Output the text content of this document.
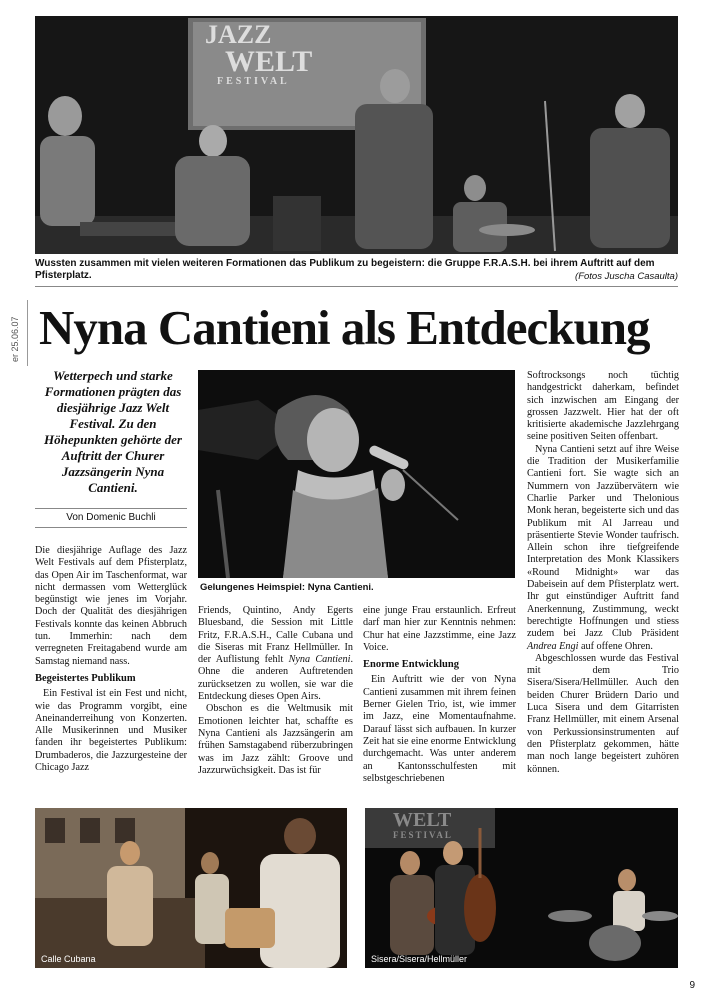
JAZZ
WELT
FESTIVAL
Wussten zusammen mit vielen weiteren Formationen das Publikum zu begeistern: die Gruppe F.R.A.S.H. bei ihrem Auftritt auf dem Pfisterplatz.	(Fotos Juscha Casaulta)
er 25.06.07 Nyna Cantieni als Entdeckung
Wetterpech und starke Formationen prägten das diesjährige Jazz Welt Festival. Zu den Höhepunkten gehörte der Auftritt der Churer Jazzsängerin Nyna Cantieni.
Von Domenic Buchli
Gelungenes Heimspiel: Nyna Cantieni.

Die diesjährige Auflage des Jazz Welt Festivals auf dem Pfisterplatz, das Open Air im Taschenformat, war nicht dermassen vom Wetterglück begünstigt wie jenes im Vorjahr. Doch der Qualität des diesjährigen Festivals konnte das keinen Abbruch tun. Immerhin: nach dem verregneten Freitagabend wurde am Samstag niemand nass.

Begeistertes Publikum

Ein Festival ist ein Fest und nicht, wie das Programm vorgibt, eine Aneinanderreihung von Konzerten. Alle Musikerinnen und Musiker fanden ihr begeistertes Publikum: Drumbaderos, die Jazzurgesteine der Chicago Jazz

Friends, Quintino, Andy Egerts Bluesband, die Session mit Little Fritz, F.R.A.S.H., Calle Cubana und die Siseras mit Franz Hellmüller. In der Auflistung fehlt Nyna Cantieni. Ohne die anderen Auftretenden zurücksetzen zu wollen, sie war die Entdeckung dieses Open Airs.

Obschon es die Weltmusik mit Emotionen leichter hat, schaffte es Nyna Cantieni als Jazzsängerin am frühen Samstagabend rüberzubringen was im Jazz zählt: Groove und Jazzurwüchsigkeit. Das ist für

eine junge Frau erstaunlich. Erfreut darf man hier zur Kenntnis nehmen: Chur hat eine Jazzstimme, eine Jazz Voice.

Enorme Entwicklung

Ein Auftritt wie der von Nyna Cantieni zusammen mit ihrem feinen Berner Gielen Trio, ist, wie immer im Jazz, eine Momentaufnahme. Darauf lässt sich aufbauen. In kurzer Zeit hat sie eine enorme Entwicklung durchgemacht. Was unter anderem an Kantonsschulfesten mit selbstgeschriebenen

Softrocksongs noch tüchtig handgestrickt daherkam, befindet sich inzwischen am Eingang der grossen Jazzwelt. Hier hat der oft kritisierte akademische Jazzlehrgang seine positiven Seiten offenbart.

Nyna Cantieni setzt auf ihre Weise die Tradition der Musikerfamilie Cantieni fort. Sie wagte sich an Nummern von Jazzübervätern wie Charlie Parker und Thelonious Monk heran, begeisterte sich und das Publikum mit Al Jarreau und präsentierte Stevie Wonder taufrisch. Allein schon ihre tiefgreifende Interpretation des Monk Klassikers «Round Midnight» war das Dabeisein auf dem Pfisterplatz wert. Ihr gut einstündiger Auftritt fand Anerkennung, Zustimmung, weckt berechtigte Hoffnungen und stiess zudem bei Jazz Club Präsident Andrea Engi auf offene Ohren.

Abgeschlossen wurde das Festival mit dem Trio Sisera/Sisera/Hellmüller. Auch den beiden Churer Brüdern Dario und Luca Sisera und dem Gitarristen Franz Hellmüller, mit einem Arsenal von Perkussionsinstrumenten auf den Pfisterplatz gekommen, hätte man noch lange begeistert zuhören können.

Calle Cubana
WELT
FESTIVAL
Sisera/Sisera/Hellmüller
9
